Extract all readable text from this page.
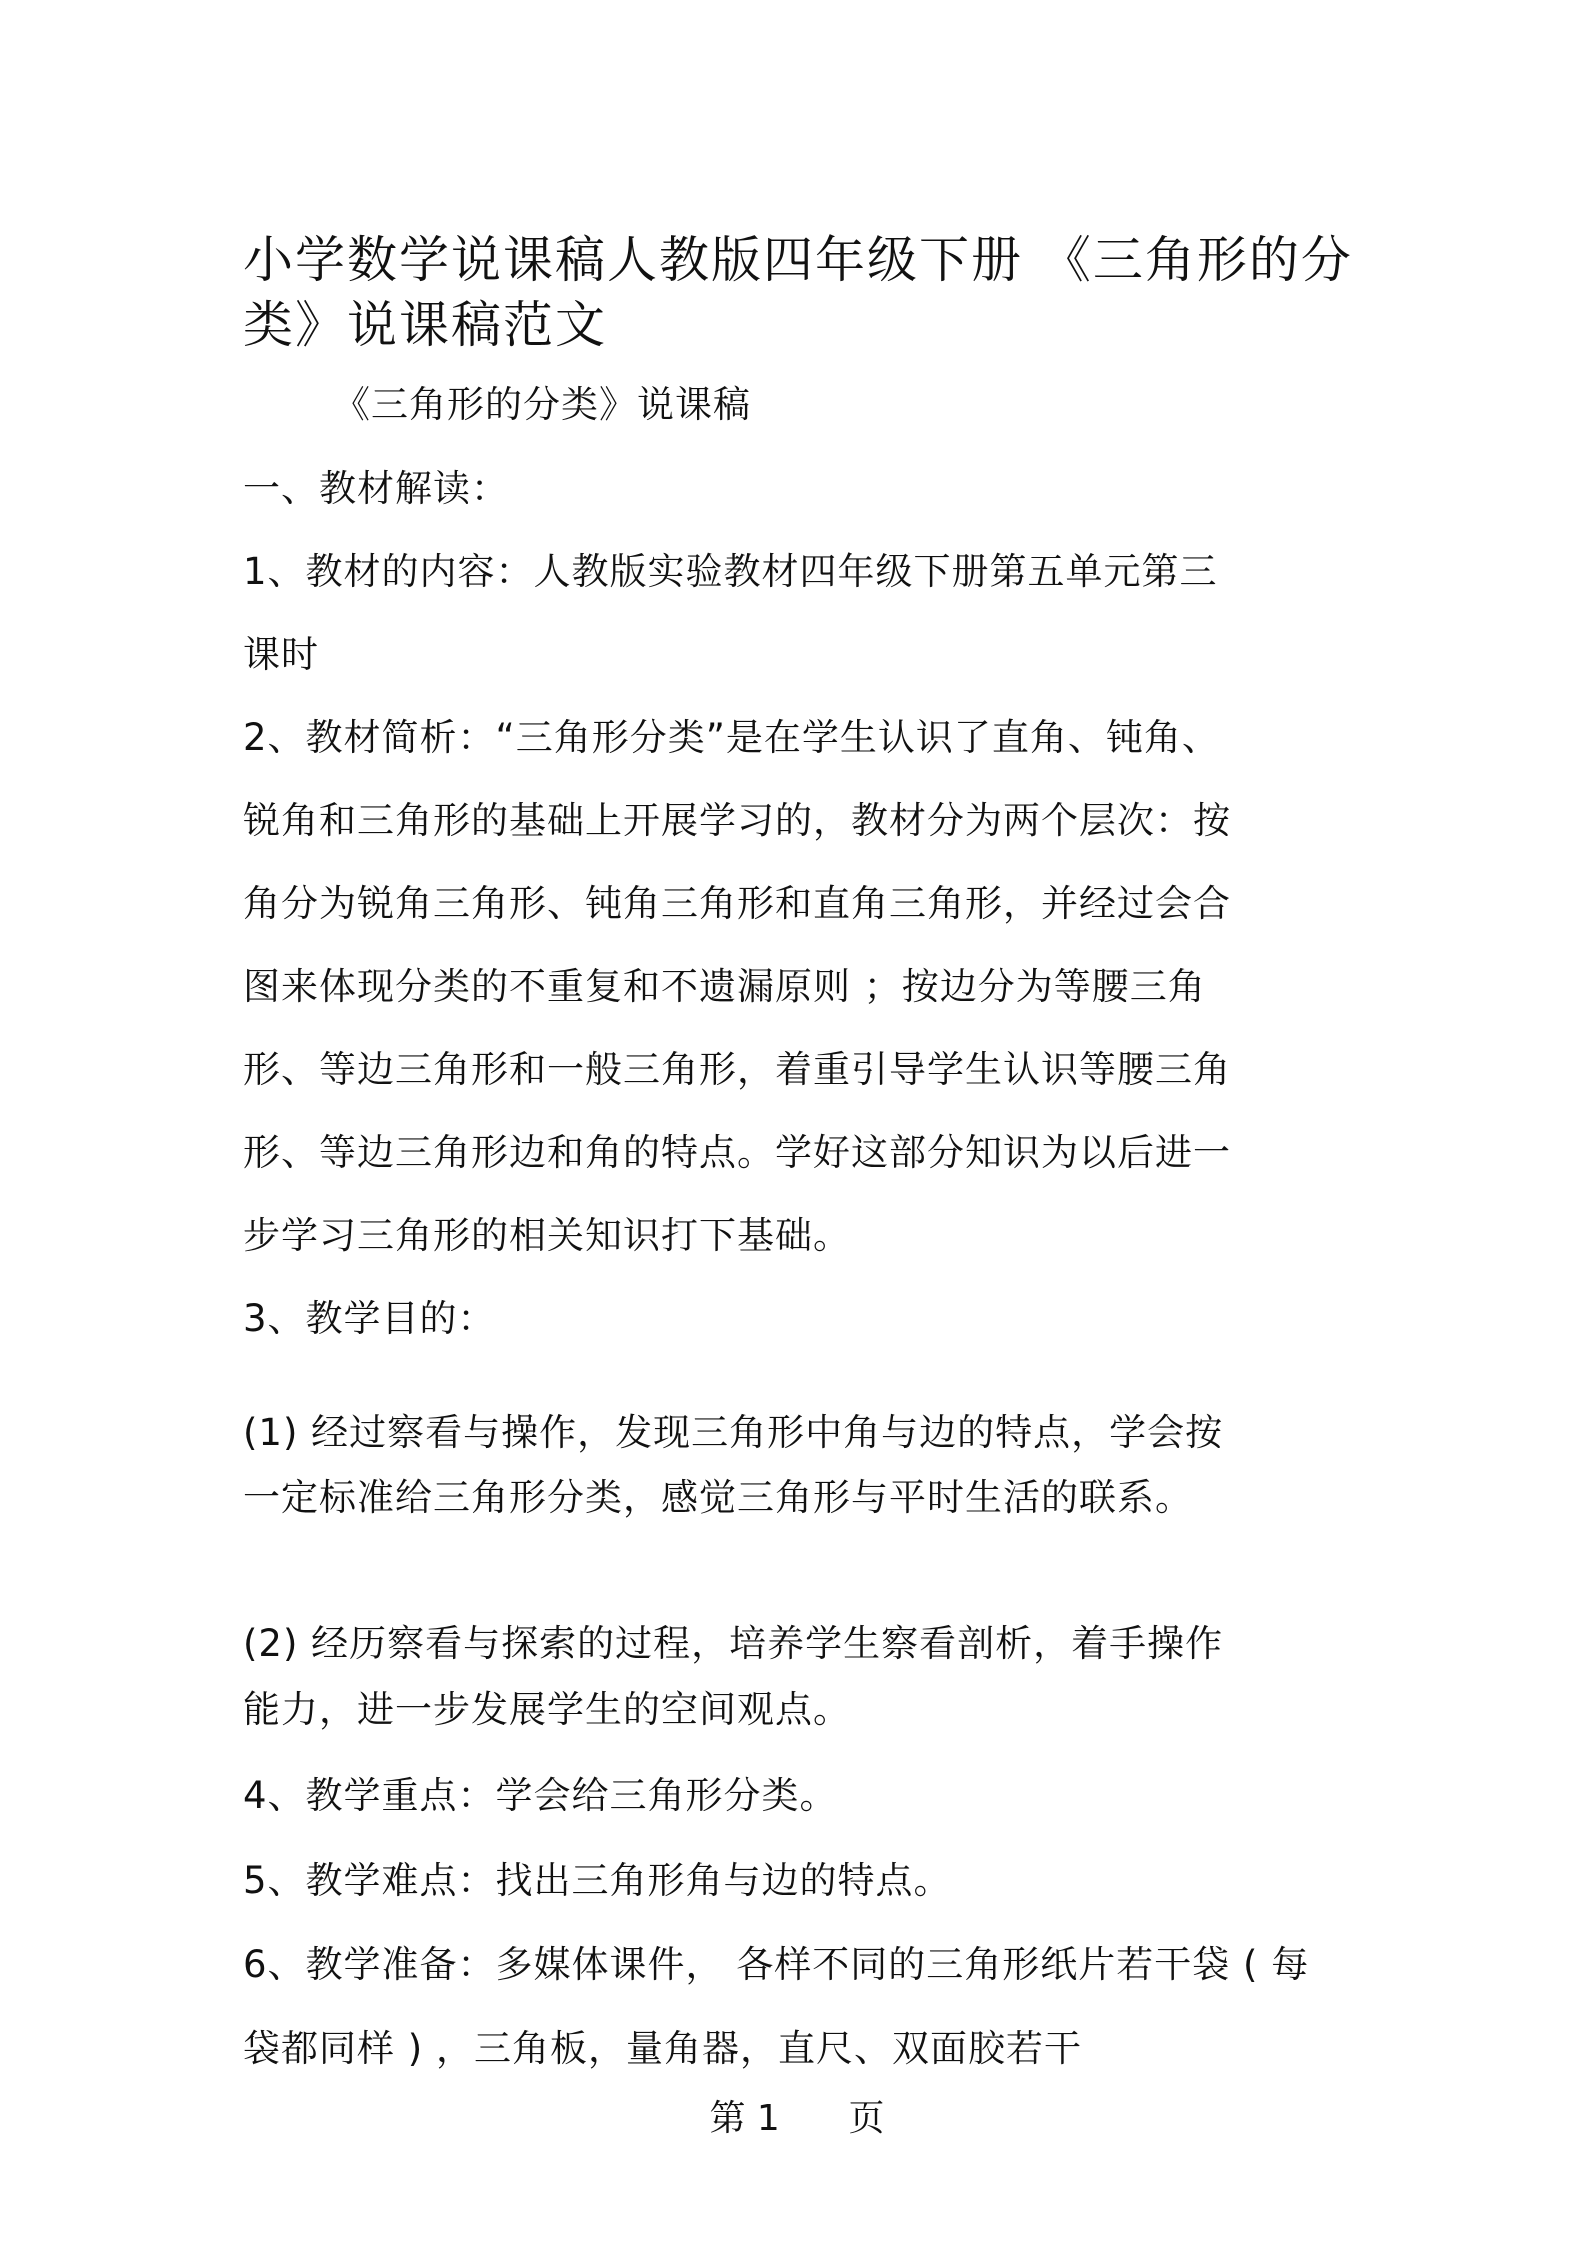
小学数学说课稿人教版四年级下册 《三角形的分
类》说课稿范文
《三角形的分类》说课稿
一、教材解读：
1、教材的内容：人教版实验教材四年级下册第五单元第三
课时
2、教材简析：“三角形分类”是在学生认识了直角、钝角、
锐角和三角形的基础上开展学习的，教材分为两个层次：按
角分为锐角三角形、钝角三角形和直角三角形，并经过会合
图来体现分类的不重复和不遗漏原则 ；按边分为等腰三角
形、等边三角形和一般三角形，着重引导学生认识等腰三角
形、等边三角形边和角的特点。学好这部分知识为以后进一
步学习三角形的相关知识打下基础。
3、教学目的：
(1) 经过察看与操作，发现三角形中角与边的特点，学会按
一定标准给三角形分类，感觉三角形与平时生活的联系。
(2) 经历察看与探索的过程，培养学生察看剖析，着手操作
能力，进一步发展学生的空间观点。
4、教学重点：学会给三角形分类。
5、教学难点：找出三角形角与边的特点。
6、教学准备：多媒体课件， 各样不同的三角形纸片若干袋 ( 每
袋都同样 ) ，三角板，量角器，直尺、双面胶若干
第 1      页
